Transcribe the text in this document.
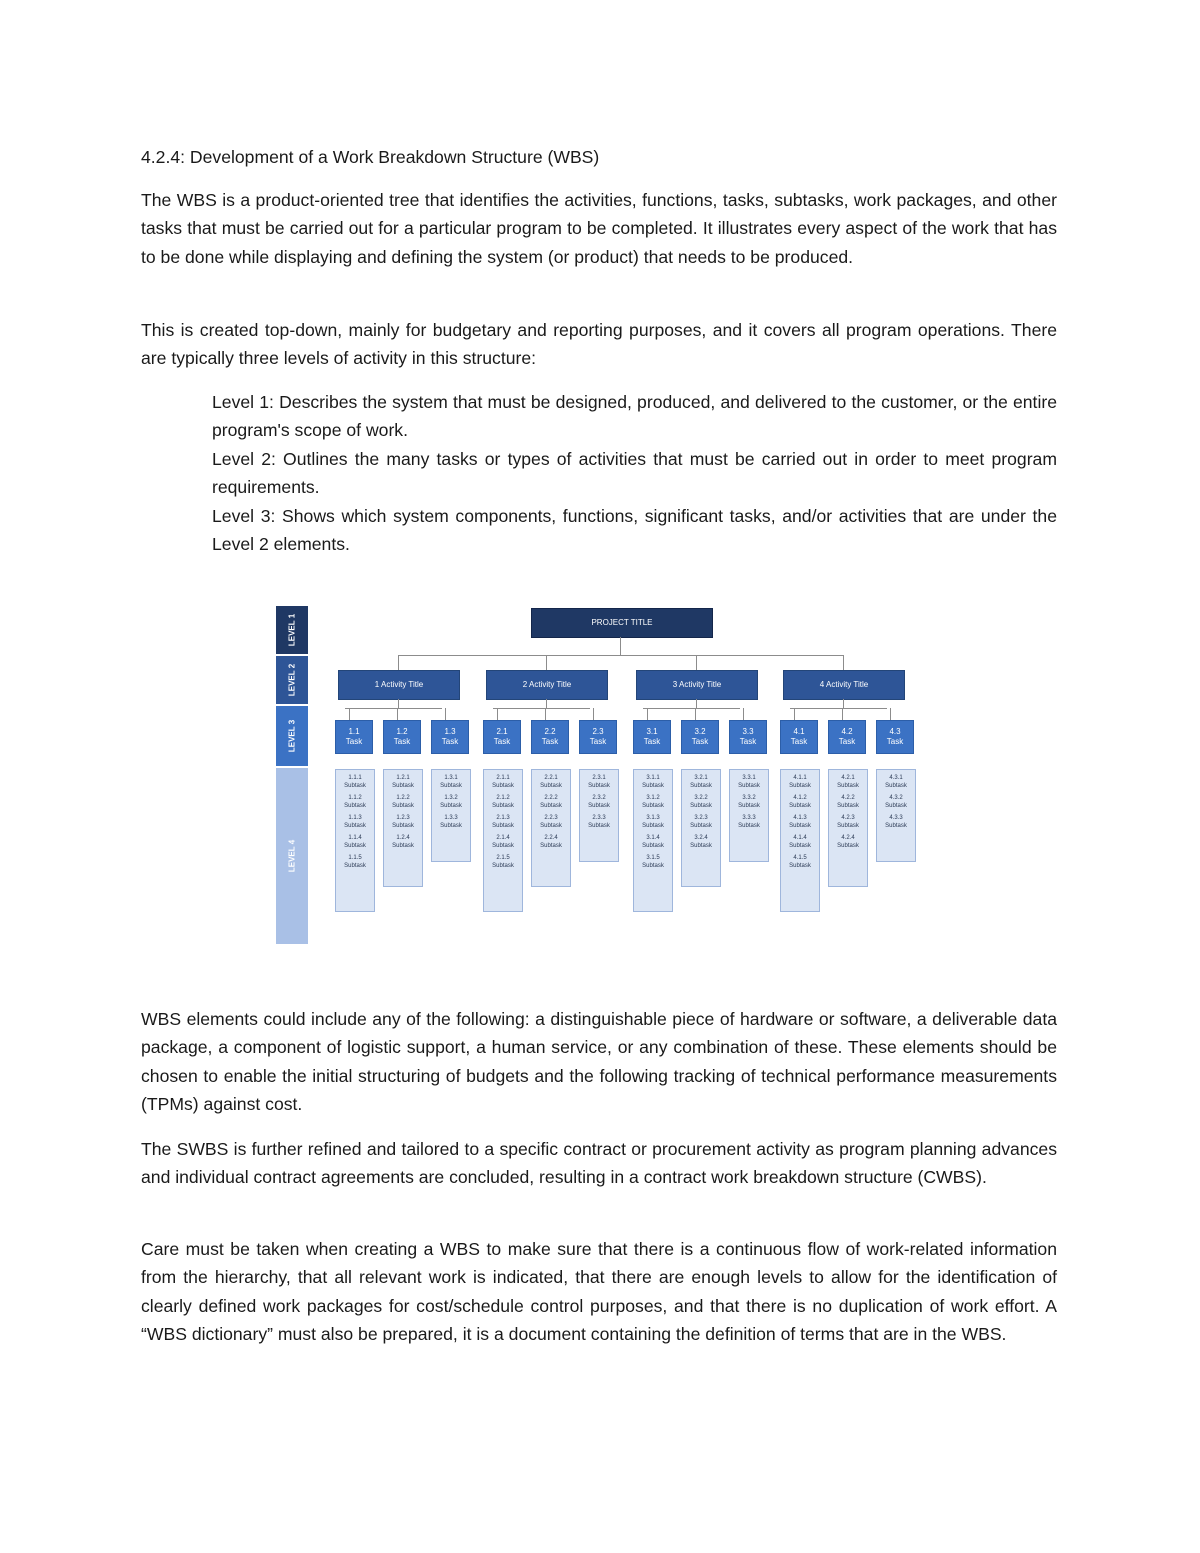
4.2.4: Development of a Work Breakdown Structure (WBS)

The WBS is a product-oriented tree that identifies the activities, functions, tasks, subtasks, work packages, and other tasks that must be carried out for a particular program to be completed. It illustrates every aspect of the work that has to be done while displaying and defining the system (or product) that needs to be produced.

This is created top-down, mainly for budgetary and reporting purposes, and it covers all program operations. There are typically three levels of activity in this structure:

Level 1: Describes the system that must be designed, produced, and delivered to the customer, or the entire program's scope of work.

Level 2: Outlines the many tasks or types of activities that must be carried out in order to meet program requirements.

Level 3: Shows which system components, functions, significant tasks, and/or activities that are under the Level 2 elements.

LEVEL 1
LEVEL 2
LEVEL 3
LEVEL 4
PROJECT TITLE
1 Activity Title
1.1
Task
1.1.1
Subtask
1.1.2
Subtask
1.1.3
Subtask
1.1.4
Subtask
1.1.5
Subtask
1.2
Task
1.2.1
Subtask
1.2.2
Subtask
1.2.3
Subtask
1.2.4
Subtask
1.3
Task
1.3.1
Subtask
1.3.2
Subtask
1.3.3
Subtask
2 Activity Title
2.1
Task
2.1.1
Subtask
2.1.2
Subtask
2.1.3
Subtask
2.1.4
Subtask
2.1.5
Subtask
2.2
Task
2.2.1
Subtask
2.2.2
Subtask
2.2.3
Subtask
2.2.4
Subtask
2.3
Task
2.3.1
Subtask
2.3.2
Subtask
2.3.3
Subtask
3 Activity Title
3.1
Task
3.1.1
Subtask
3.1.2
Subtask
3.1.3
Subtask
3.1.4
Subtask
3.1.5
Subtask
3.2
Task
3.2.1
Subtask
3.2.2
Subtask
3.2.3
Subtask
3.2.4
Subtask
3.3
Task
3.3.1
Subtask
3.3.2
Subtask
3.3.3
Subtask
4 Activity Title
4.1
Task
4.1.1
Subtask
4.1.2
Subtask
4.1.3
Subtask
4.1.4
Subtask
4.1.5
Subtask
4.2
Task
4.2.1
Subtask
4.2.2
Subtask
4.2.3
Subtask
4.2.4
Subtask
4.3
Task
4.3.1
Subtask
4.3.2
Subtask
4.3.3
Subtask

WBS elements could include any of the following: a distinguishable piece of hardware or software, a deliverable data package, a component of logistic support, a human service, or any combination of these. These elements should be chosen to enable the initial structuring of budgets and the following tracking of technical performance measurements (TPMs) against cost.

The SWBS is further refined and tailored to a specific contract or procurement activity as program planning advances and individual contract agreements are concluded, resulting in a contract work breakdown structure (CWBS).

Care must be taken when creating a WBS to make sure that there is a continuous flow of work-related information from the hierarchy, that all relevant work is indicated, that there are enough levels to allow for the identification of clearly defined work packages for cost/schedule control purposes, and that there is no duplication of work effort. A “WBS dictionary” must also be prepared, it is a document containing the definition of terms that are in the WBS.
